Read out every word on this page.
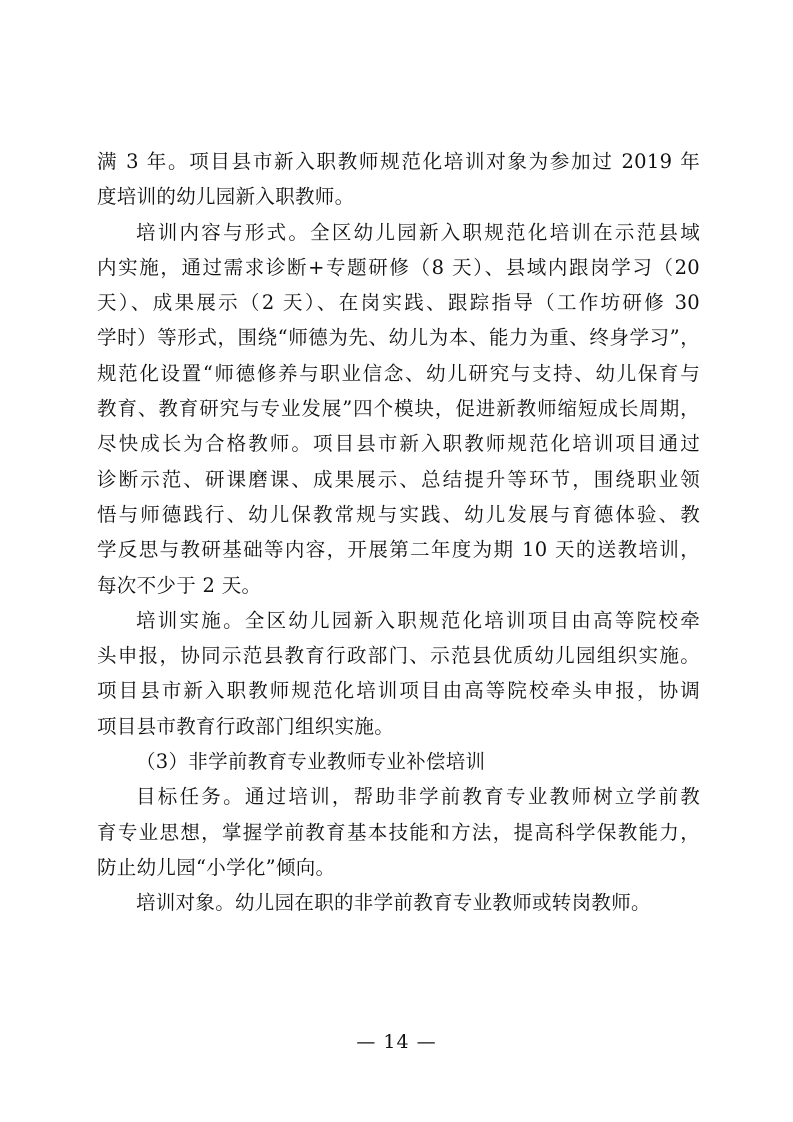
满 3 年。项目县市新入职教师规范化培训对象为参加过 2019 年
度培训的幼儿园新入职教师。

培训内容与形式。全区幼儿园新入职规范化培训在示范县域
内实施，通过需求诊断+专题研修（8 天）、县域内跟岗学习（20
天）、成果展示（2 天）、在岗实践、跟踪指导（工作坊研修 30
学时）等形式，围绕“师德为先、幼儿为本、能力为重、终身学习”，
规范化设置“师德修养与职业信念、幼儿研究与支持、幼儿保育与
教育、教育研究与专业发展”四个模块，促进新教师缩短成长周期，
尽快成长为合格教师。项目县市新入职教师规范化培训项目通过
诊断示范、研课磨课、成果展示、总结提升等环节，围绕职业领
悟与师德践行、幼儿保教常规与实践、幼儿发展与育德体验、教
学反思与教研基础等内容，开展第二年度为期 10 天的送教培训，
每次不少于 2 天。

培训实施。全区幼儿园新入职规范化培训项目由高等院校牵
头申报，协同示范县教育行政部门、示范县优质幼儿园组织实施。
项目县市新入职教师规范化培训项目由高等院校牵头申报，协调
项目县市教育行政部门组织实施。

（3）非学前教育专业教师专业补偿培训

目标任务。通过培训，帮助非学前教育专业教师树立学前教
育专业思想，掌握学前教育基本技能和方法，提高科学保教能力，
防止幼儿园“小学化”倾向。

培训对象。幼儿园在职的非学前教育专业教师或转岗教师。

— 14 —
